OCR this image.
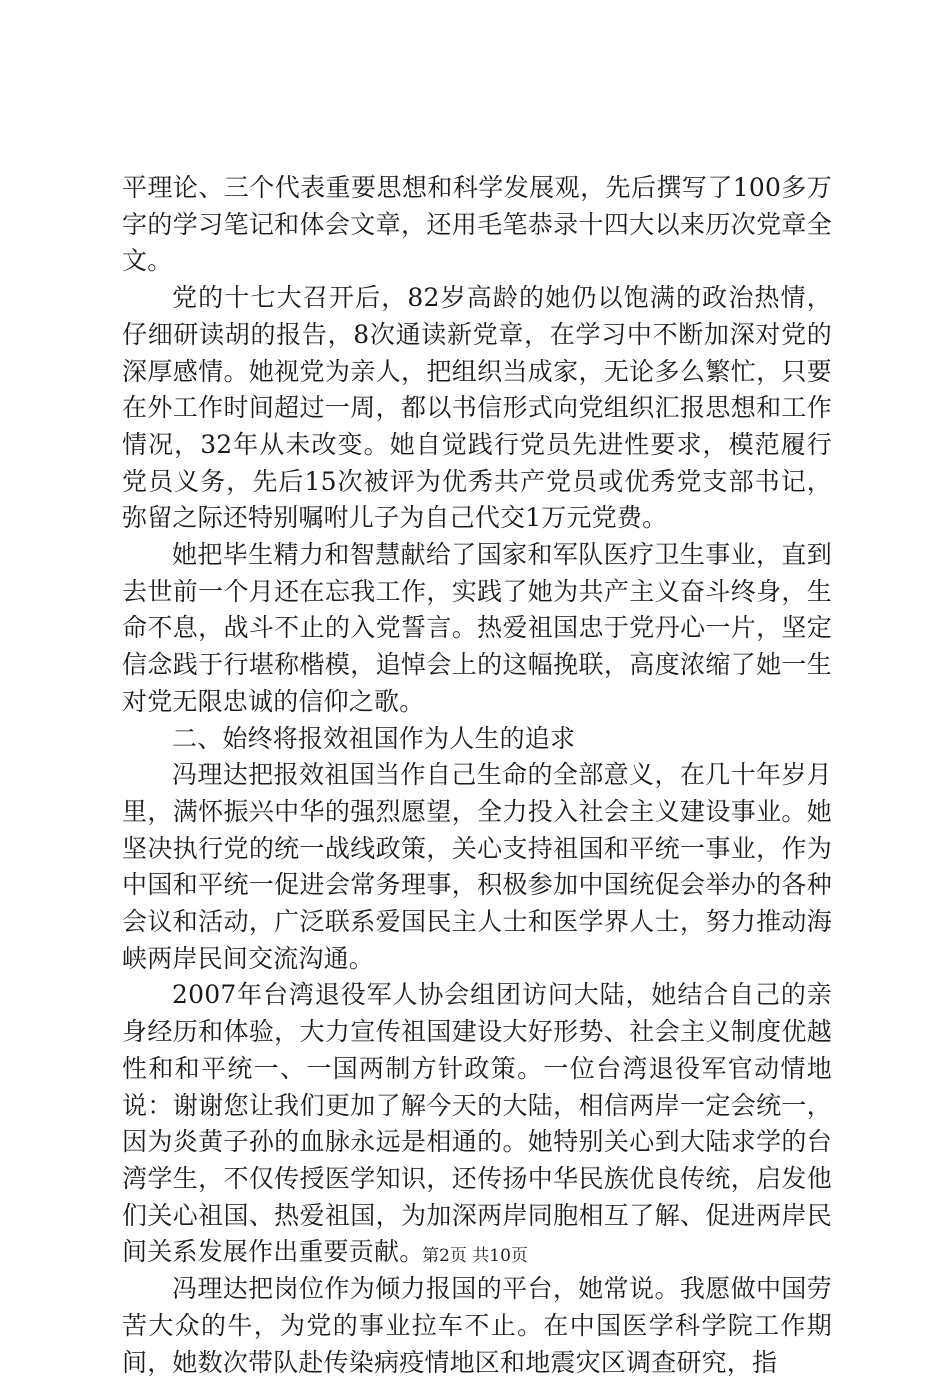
平理论、三个代表重要思想和科学发展观，先后撰写了100多万字的学习笔记和体会文章，还用毛笔恭录十四大以来历次党章全文。

党的十七大召开后，82岁高龄的她仍以饱满的政治热情，仔细研读胡的报告，8次通读新党章，在学习中不断加深对党的深厚感情。她视党为亲人，把组织当成家，无论多么繁忙，只要在外工作时间超过一周，都以书信形式向党组织汇报思想和工作情况，32年从未改变。她自觉践行党员先进性要求，模范履行党员义务，先后15次被评为优秀共产党员或优秀党支部书记，弥留之际还特别嘱咐儿子为自己代交1万元党费。

她把毕生精力和智慧献给了国家和军队医疗卫生事业，直到去世前一个月还在忘我工作，实践了她为共产主义奋斗终身，生命不息，战斗不止的入党誓言。热爱祖国忠于党丹心一片，坚定信念践于行堪称楷模，追悼会上的这幅挽联，高度浓缩了她一生对党无限忠诚的信仰之歌。

二、始终将报效祖国作为人生的追求

冯理达把报效祖国当作自己生命的全部意义，在几十年岁月里，满怀振兴中华的强烈愿望，全力投入社会主义建设事业。她坚决执行党的统一战线政策，关心支持祖国和平统一事业，作为中国和平统一促进会常务理事，积极参加中国统促会举办的各种会议和活动，广泛联系爱国民主人士和医学界人士，努力推动海峡两岸民间交流沟通。

2007年台湾退役军人协会组团访问大陆，她结合自己的亲身经历和体验，大力宣传祖国建设大好形势、社会主义制度优越性和和平统一、一国两制方针政策。一位台湾退役军官动情地说：谢谢您让我们更加了解今天的大陆，相信两岸一定会统一，因为炎黄子孙的血脉永远是相通的。她特别关心到大陆求学的台湾学生，不仅传授医学知识，还传扬中华民族优良传统，启发他们关心祖国、热爱祖国，为加深两岸同胞相互了解、促进两岸民间关系发展作出重要贡献。

冯理达把岗位作为倾力报国的平台，她常说。我愿做中国劳苦大众的牛，为党的事业拉车不止。在中国医学科学院工作期间，她数次带队赴传染病疫情地区和地震灾区调查研究，指

第2页 共10页
